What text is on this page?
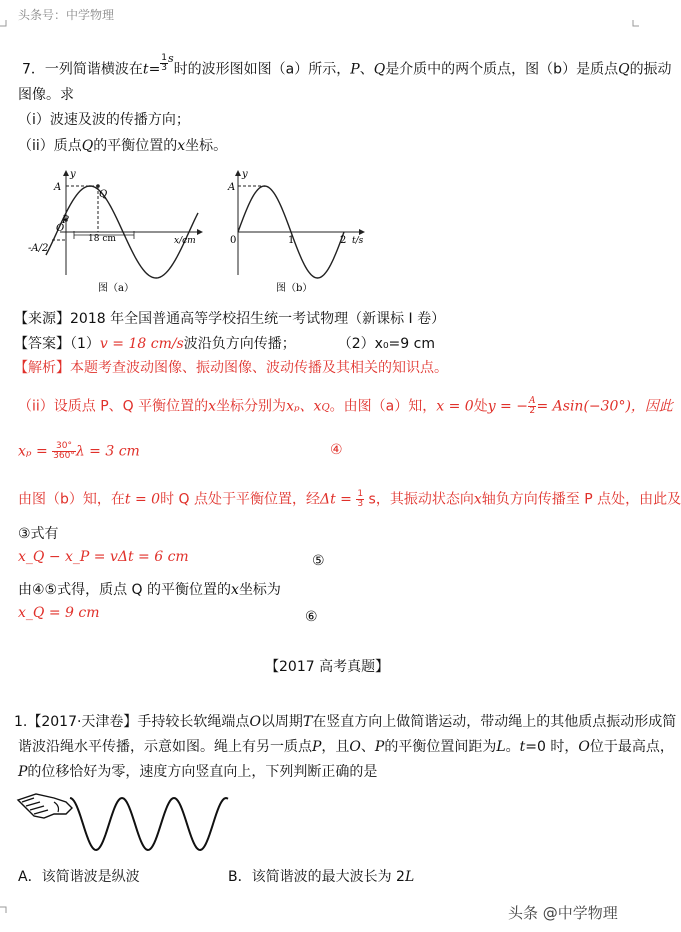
头条号：中学物理
7．一列简谐横波在$t= \frac{1}{3} ^s$时的波形图如图（a）所示，P、Q是介质中的两个质点，图（b）是质点Q的振动
图像。求
（i）波速及波的传播方向；
（ii）质点Q的平衡位置的x坐标。
y
A
Q
P
O
-A/2
18 cm	x/cm
图（a）
y
A
0	1	2 t/s
图（b）
【来源】2018 年全国普通高等学校招生统一考试物理（新课标 I 卷）
【答案】（1）v = 18 cm/s波沿负方向传播；	（2）x₀=9 cm
【解析】本题考查波动图像、振动图像、波动传播及其相关的知识点。
（ii）设质点 P、Q 平衡位置的x坐标分别为xₚ、xQ。由图（a）知，x = 0处y = − $\frac{A}{2} = Asin(-30^\circ)$，因此
$x_p = \frac{30^\circ}{360^\circ}$ λ = 3 cm	④
由图（b）知，在t = 0时 Q 点处于平衡位置，经$\Delta t = \frac{1}{3}$ s，其振动状态向x轴负方向传播至 P 点处，由此及
③式有
x_Q − x_P = vΔt = 6 cm	⑤
由④⑤式得，质点 Q 的平衡位置的x坐标为
x_Q = 9 cm	⑥
【2017 高考真题】
1.【2017·天津卷】手持较长软绳端点O以周期T在竖直方向上做简谐运动，带动绳上的其他质点振动形成简
谐波沿绳水平传播，示意如图。绳上有另一质点P，且O、P的平衡位置间距为L。t=0 时，O位于最高点，
P的位移恰好为零，速度方向竖直向上，下列判断正确的是
A．该简谐波是纵波	B．该简谐波的最大波长为 2L
头条 @中学物理
